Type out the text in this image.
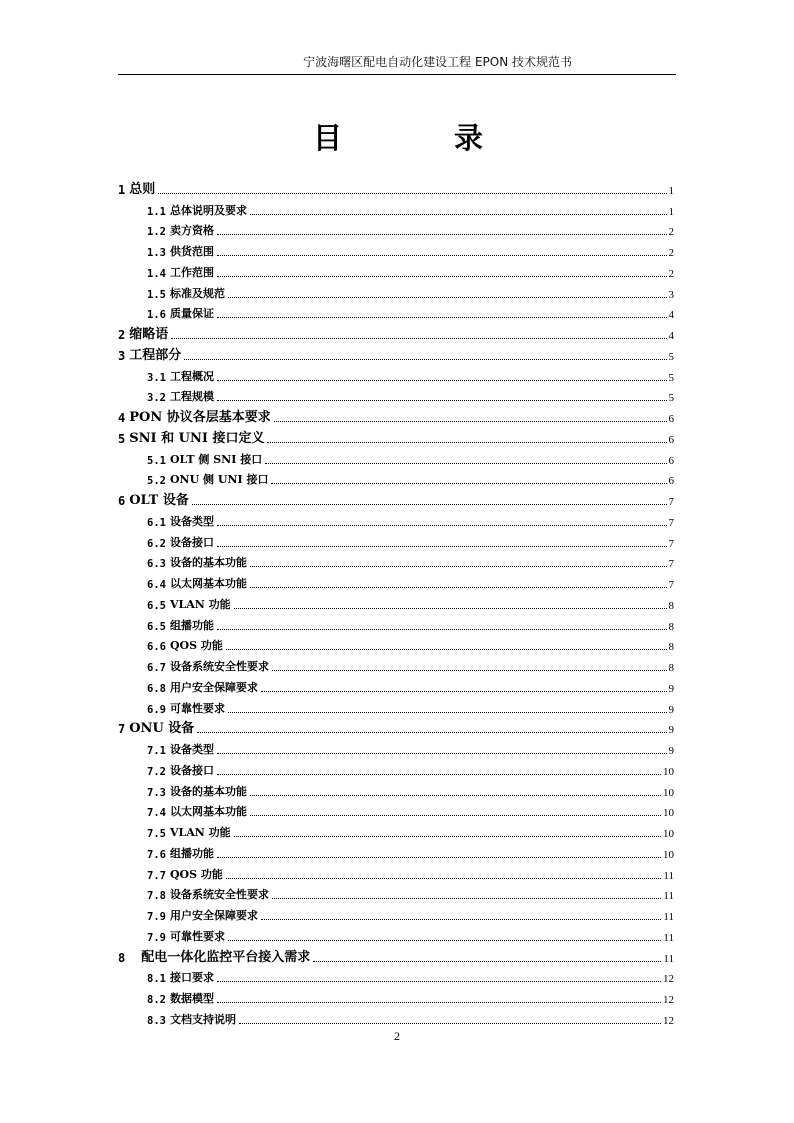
宁波海曙区配电自动化建设工程 EPON 技术规范书
目	录
1 总则	1
1.1 总体说明及要求	1
1.2 卖方资格	2
1.3 供货范围	2
1.4 工作范围	2
1.5 标准及规范	3
1.6 质量保证	4
2 缩略语	4
3 工程部分	5
3.1 工程概况	5
3.2 工程规模	5
4 PON 协议各层基本要求	6
5 SNI 和 UNI 接口定义	6
5.1 OLT 侧 SNI 接口	6
5.2 ONU 侧 UNI 接口	6
6 OLT 设备	7
6.1 设备类型	7
6.2 设备接口	7
6.3 设备的基本功能	7
6.4 以太网基本功能	7
6.5 VLAN 功能	8
6.5 组播功能	8
6.6 QOS 功能	8
6.7 设备系统安全性要求	8
6.8 用户安全保障要求	9
6.9 可靠性要求	9
7 ONU 设备	9
7.1 设备类型	9
7.2 设备接口	10
7.3 设备的基本功能	10
7.4 以太网基本功能	10
7.5 VLAN 功能	10
7.6 组播功能	10
7.7 QOS 功能	11
7.8 设备系统安全性要求	11
7.9 用户安全保障要求	11
7.9 可靠性要求	11
8 配电一体化监控平台接入需求	11
8.1 接口要求	12
8.2 数据模型	12
8.3 文档支持说明	12
2
